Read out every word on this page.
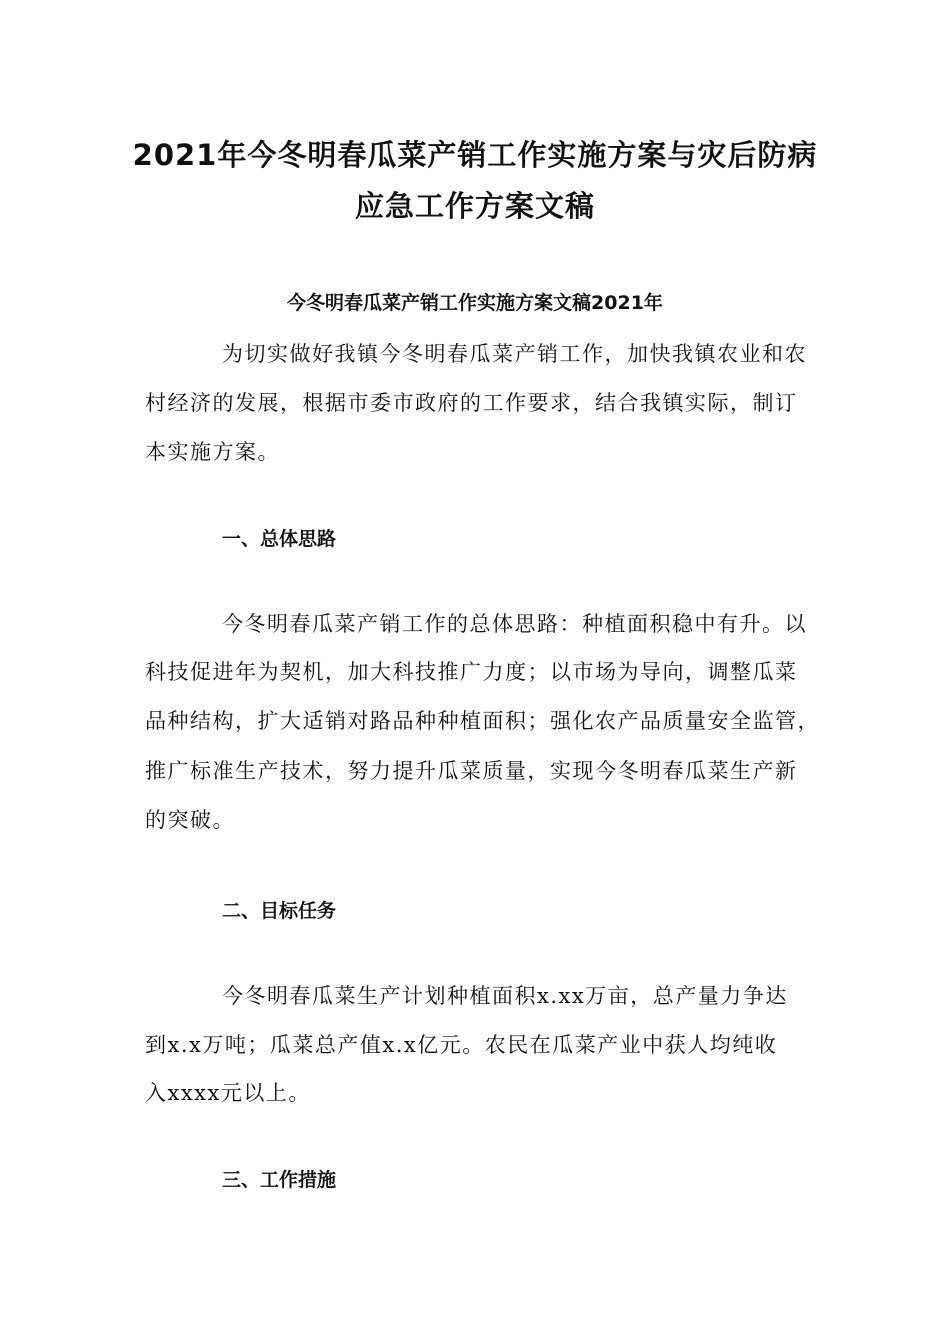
2021年今冬明春瓜菜产销工作实施方案与灾后防病
应急工作方案文稿
今冬明春瓜菜产销工作实施方案文稿2021年
为切实做好我镇今冬明春瓜菜产销工作，加快我镇农业和农
村经济的发展，根据市委市政府的工作要求，结合我镇实际，制订
本实施方案。
一、总体思路
今冬明春瓜菜产销工作的总体思路：种植面积稳中有升。以
科技促进年为契机，加大科技推广力度；以市场为导向，调整瓜菜
品种结构，扩大适销对路品种种植面积；强化农产品质量安全监管，
推广标准生产技术，努力提升瓜菜质量，实现今冬明春瓜菜生产新
的突破。
二、目标任务
今冬明春瓜菜生产计划种植面积x.xx万亩，总产量力争达
到x.x万吨；瓜菜总产值x.x亿元。农民在瓜菜产业中获人均纯收
入xxxx元以上。
三、工作措施
